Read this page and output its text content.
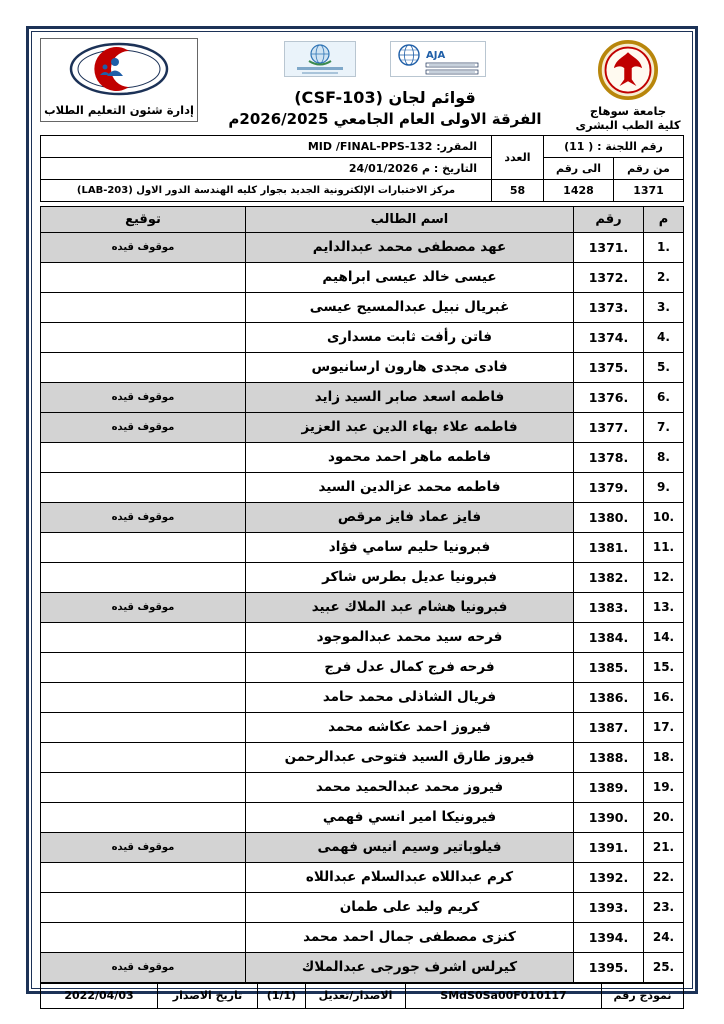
جامعة سوهاج
كلية الطب البشرى
AJA
قوائم لجان (CSF-103)
الفرقة الاولى العام الجامعي 2026/2025م
إدارة شئون التعليم الطلاب
رقم اللجنة : ( 11)		العدد	المقرر: MID /FINAL-PPS-132
من رقم	الى رقم		التاريخ : 24/01/2026 م
1371	1428	58	مركز الاختبارات الإلكترونية الجديد بجوار كليه الهندسة الدور الاول (LAB-203)
م	رقم	اسم الطالب	توقيع
1.	1371.	عهد مصطفى محمد عبدالدايم	موقوف قيده
2.	1372.	عيسى خالد عيسى ابراهيم	
3.	1373.	غبريال نبيل عبدالمسيح عيسى	
4.	1374.	فاتن رأفت ثابت مسدارى	
5.	1375.	فادى مجدى هارون ارسانيوس	
6.	1376.	فاطمه اسعد صابر السيد زايد	موقوف قيده
7.	1377.	فاطمه علاء بهاء الدين عبد العزيز	موقوف قيده
8.	1378.	فاطمه ماهر احمد محمود	
9.	1379.	فاطمه محمد عزالدين السيد	
10.	1380.	فايز عماد فايز مرقص	موقوف قيده
11.	1381.	فبرونيا حليم سامي فؤاد	
12.	1382.	فبرونيا عديل بطرس شاكر	
13.	1383.	فبرونيا هشام عبد الملاك عبيد	موقوف قيده
14.	1384.	فرحه سيد محمد عبدالموجود	
15.	1385.	فرحه فرج كمال عدل فرج	
16.	1386.	فريال الشاذلى محمد حامد	
17.	1387.	فيروز احمد عكاشه محمد	
18.	1388.	فيروز طارق السيد فتوحى عبدالرحمن	
19.	1389.	فيروز محمد عبدالحميد محمد	
20.	1390.	فيرونيكا امير انسي فهمي	
21.	1391.	فيلوباتير وسيم انيس فهمى	موقوف قيده
22.	1392.	كرم عبداللاه عبدالسلام عبداللاه	
23.	1393.	كريم وليد على طمان	
24.	1394.	كنزى مصطفى جمال احمد محمد	
25.	1395.	كيرلس اشرف جورجى عبدالملاك	موقوف قيده
نموذج رقم	SMdS0Sa00F010117	الاصدار/تعديل	(1/1)	تاريخ الاصدار	2022/04/03
